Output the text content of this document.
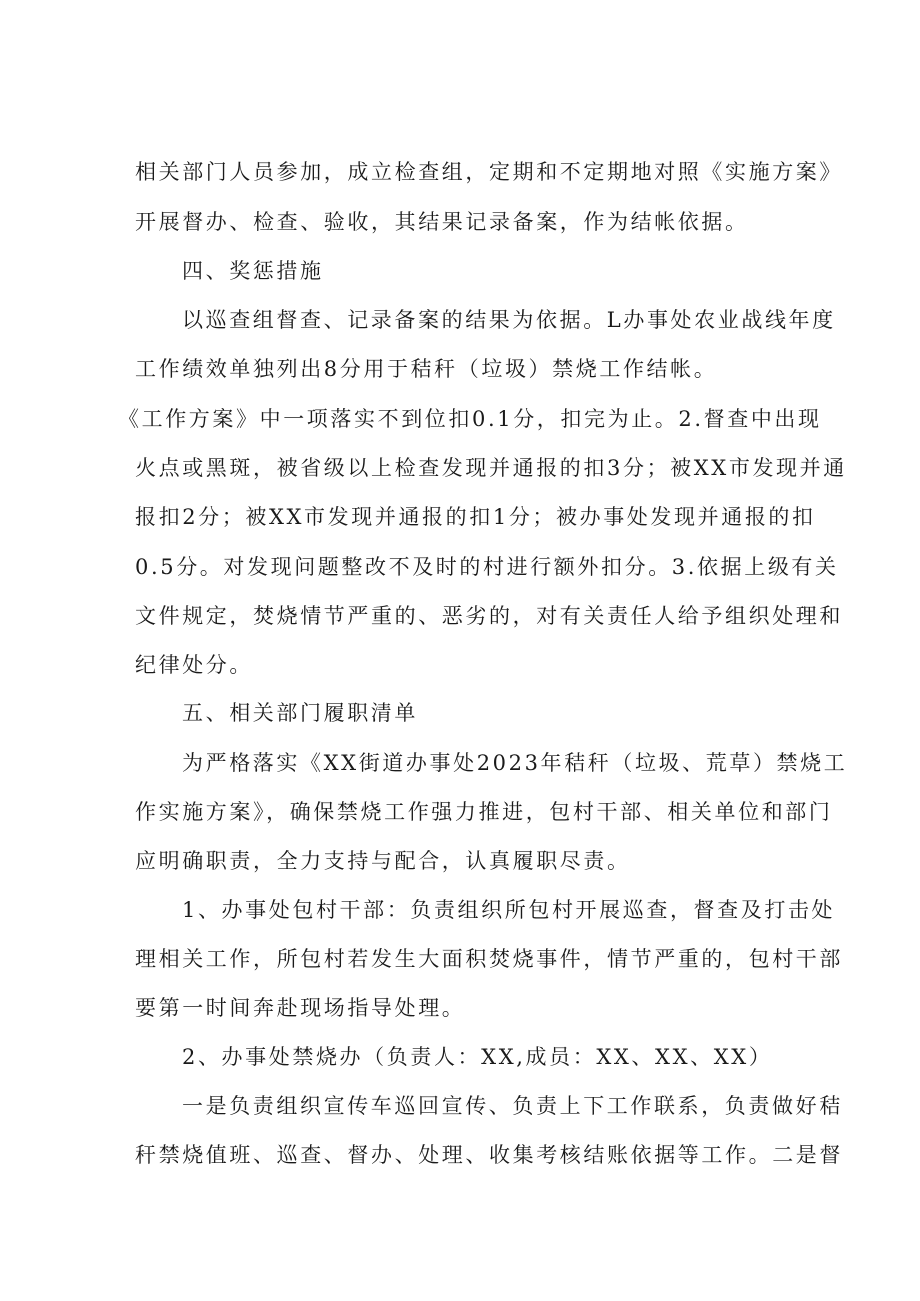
相关部门人员参加，成立检查组，定期和不定期地对照《实施方案》
开展督办、检查、验收，其结果记录备案，作为结帐依据。
四、奖惩措施
以巡查组督查、记录备案的结果为依据。L办事处农业战线年度
工作绩效单独列出8分用于秸秆（垃圾）禁烧工作结帐。
《工作方案》中一项落实不到位扣0.1分，扣完为止。2.督查中出现
火点或黑斑，被省级以上检查发现并通报的扣3分；被XX市发现并通
报扣2分；被XX市发现并通报的扣1分；被办事处发现并通报的扣
0.5分。对发现问题整改不及时的村进行额外扣分。3.依据上级有关
文件规定，焚烧情节严重的、恶劣的，对有关责任人给予组织处理和
纪律处分。
五、相关部门履职清单
为严格落实《XX街道办事处2023年秸秆（垃圾、荒草）禁烧工
作实施方案》，确保禁烧工作强力推进，包村干部、相关单位和部门
应明确职责，全力支持与配合，认真履职尽责。
1、办事处包村干部：负责组织所包村开展巡查，督查及打击处
理相关工作，所包村若发生大面积焚烧事件，情节严重的，包村干部
要第一时间奔赴现场指导处理。
2、办事处禁烧办（负责人：XX,成员：XX、XX、XX）
一是负责组织宣传车巡回宣传、负责上下工作联系，负责做好秸
秆禁烧值班、巡查、督办、处理、收集考核结账依据等工作。二是督
